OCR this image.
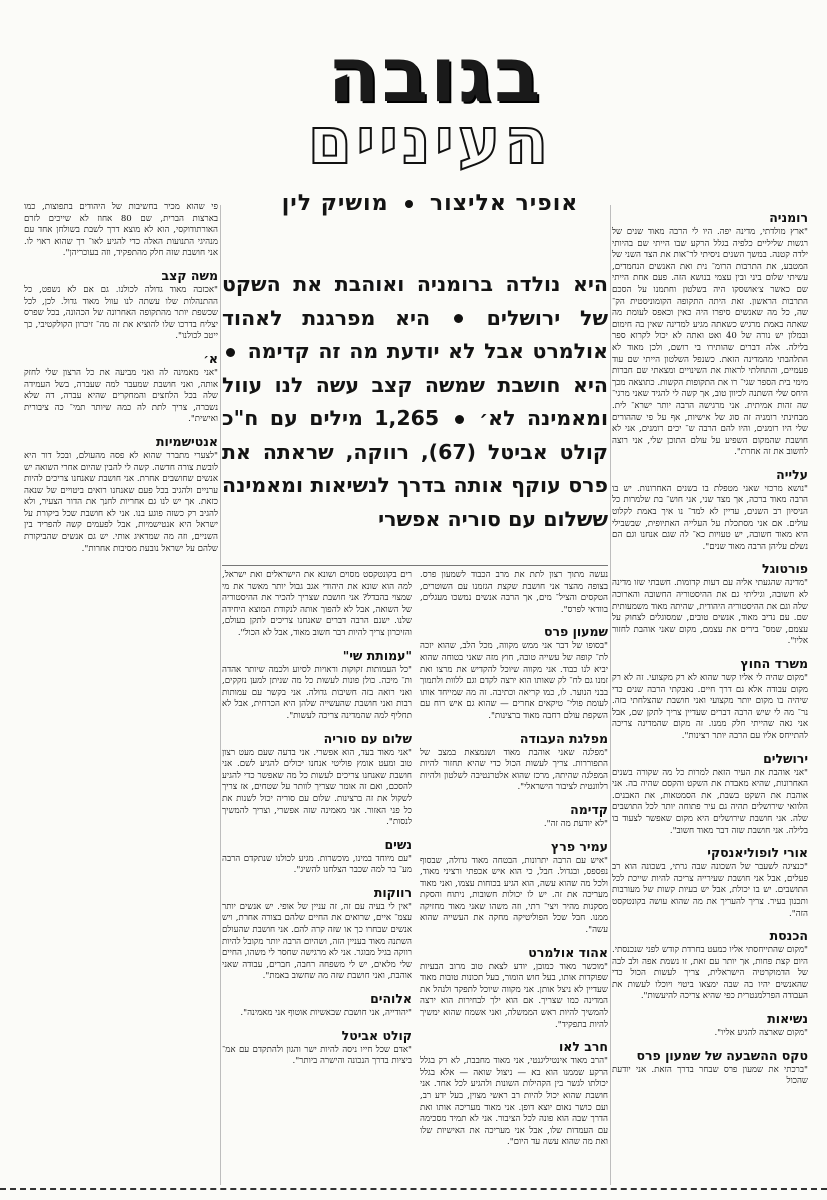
בגובה
העיניים
אופיר אליצור  מושיק לין
היא נולדה ברומניה ואוהבת את השקט של ירושלים  היא מפרגנת לאהוד אולמרט אבל לא יודעת מה זה קדימה  היא חושבת שמשה קצב עשה לנו עוול ומאמינה לא׳  1,265 מילים עם ח"כ קולט אביטל (67), רווקה, שראתה את פרס עוקף אותה בדרך לנשיאות ומאמינה ששלום עם סוריה אפשרי
רומניה

"ארץ מולדתי, מדינה יפה. היו לי הרבה מאוד שנים של רגשות שליליים כלפיה בגלל הרקע שבו הייתי שם בהיותי ילדה קטנה. במשך השנים ניסיתי לר־אות את הצד השני של המטבע, את התרבות הרומ־ נית ואת האנשים הנחמדים, עשיתי שלום ביני ובין עצמי בנושא הזה. פעם אחת הייתי שם כאשר צ׳אושסקו היה בשלטון וחתמנו על הסכם התרבות הראשון. זאת היתה התקופה הקומוניסטית הק־ שה, כל מה שאנשים סיפרו היה כאין וכאפס לעומת מה שאתה באמת מרגיש כשאתה מגיע למדינה שאין בה חימום ובמלון יש נורה של 40 ואט ואתה לא יכול לקרוא ספר בלילה. אלה דברים שהותירו בי רושם, ולכן מאוד לא התלהבתי מהמדינה הזאת. כשנפל השלטון הייתי שם עוד פעמיים, והתחלתי לראות את השינויים ומצאתי שם חברות מימי בית הספר שגי־ רו את התקופות הקשות. כתוצאה מכך היחס שלי השתנה לכיוון טוב, אך קשה לי להגיד שאני מרגי־ שה זהות אמיתית. אני מרגישה הרבה יותר ישרא־ לית. מבחינתי רומניה זה סוג של אישיות, אף על פי שההורים שלי היו רומנים, והיו להם הרבה ש־ יכים רומנים, אני לא חושבת שהמקום השפיע על עולם התוכן שלי, אני רוצה לחשוב את זה אחרת".

עלייה

"נושא מרכזי שאני מטפלת בו בשנים האחרונות. יש בו הרבה מאוד ברכה, אך מצד שני, אני חוש־ בת שלמרות כל הניסיון רב השנים, עדיין לא למד־ נו איך באמת לקלוט עולים. אם אני מסתכלת על העלייה האתיופית, שבשבילי היא מאוד חשובה, יש טעויות כא־ לה שגם אנחנו וגם הם נשלם עליהן הרבה מאוד שנים".

פורטוגל

"מדינה שהגעתי אליה עם דעות קדומות. חשבתי שזו מדינה לא חשובה, וגיליתי גם את ההיסטוריה החשובה והארוכה שלה וגם את ההיסטוריה היהודית, שהיתה מאוד משמעותית שם. עם נדיב מאוד, אנשים טובים, שמסוגלים לצחוק על עצמם, שמס־ בירים את עצמם, מקום שאני אוהבת לחזור אליו".

משרד החוץ

"מקום שהיה לי אליו קשר שהוא לא רק מקצועי. זה לא רק מקום עבודה אלא גם דרך חיים. נאבקתי הרבה שנים כדי שיהיה בו מקום יותר מקצועי ואני חושבת שהצלחתי בזה. נר־ מה לי שיש הרבה דברים שעדיין צריך לתקן שם, אבל אני גאה שהייתי חלק ממנו. זה מקום שהמדינה צריכה להתייחס אליו עם הרבה יותר רצינות".

ירושלים

"אני אוהבת את העיר הזאת למרות כל מה שקורה בשנים האחרונות, שהיא מאבדת את השקט והקסם שהיה בה. אני אוהבת את השקט בשבת, את הסמטאות, את האבנים. הלוואי שירושלים תהיה גם עיר פתוחה יותר לכל התושבים שלה. אני חושבת שירושלים היא מקום שאפשר לצעוד בו בלילה. אני חושבת שזה דבר מאוד חשוב".

אורי לופוליאנסקי

"כנציגה לשעבר של השכונה שבה גרתי, בשכונה הוא רב פעלים, אבל אני חושבת שעירייה צריכה להיות שייכת לכל התושבים. יש בו יכולת, אבל יש בעיות קשות של מעורבות ותכנון בעיר. צריך להעריך את מה שהוא עושה בקונטקסט הזה".

הכנסת

"מקום שהתייחסתי אליו כמעט בחרדת קודש לפני שנכנסתי. היום קצת פחות, אך יותר עם זאת, זו נשמת אפה ולב לבה של הדמוקרטיה הישראלית, צריך לעשות הכול כדי שהאנשים יהיו בה שבה ימצאו ביטוי ויוכלו לעשות את העבודה הפרלמנטרית כפי שהיא צריכה להיעשות".

נשיאות

"מקום שארצה להגיע אליו".

טקס ההשבעה של שמעון פרס

"ברכתי את שמעון פרס שבחר בדרך הזאת. אני יודעת שהכול

נעשה מתוך רצון לתת את מרב הכבוד לשמעון פרס. בצופה מהצד אני חושבת שקצת הגזמנו עם השוטרים, הטקסים והציל־ מים, אך הרבה אנשים נמשכו מעגלים, בוודאי לפרס".

שמעון פרס

"בסופו של דבר אני ממש מקווה, מכל הלב, שהוא יזכה לת־ קופה של עשייה טובה, חוץ מזה שאני בטוחה שהוא יביא לנו כבוד. אני מקווה שיוכל להקדיש את מרצו ואת זמנו גם לח־ לק שאותו הוא ירצה לקדם וגם ללוות ולתמוך בבני הנוער. לו, כמו קריאה וכתיבה. זה מה שמייחד אותו לעומת פולי־ טיקאים אחרים — שהוא גם איש רוח עם השקפת עולם רחבה מאוד ברצינות".

מפלגת העבודה

"מפלגה שאני אוהבת מאוד ושנמצאת במצב של התפוררות. צריך לעשות הכול כדי שהיא תחזור להיות המפלגה שהיתה, מרכז שהוא אלטרנטיבה לשלטון ולהיות רלוונטית לציבור הישראלי".

קדימה

"לא יודעת מה זה".

עמיר פרץ

"איש עם הרבה יתרונות, הבטחה מאוד גדולה, שבסוף נפספס, ובגדול. חבל, כי הוא איש אכפתי ורציני מאוד, ולכל מה שהוא עשה, הוא הגיע בכוחות עצמו, ואני מאוד מעריכה את זה. יש לו יכולות חשובות, ניתוח והסקת מסקנות מהיר ויצי־ רתי, וזה משהו שאני מאוד מחזיקה ממנו. חבל שכל הפוליטיקה מחקה את העשייה שהוא עשה".

אהוד אולמרט

"מוכשר מאוד כמובן, יודע לצאת טוב מרוב הבעיות שפוקדות אותו, בעל חוש הומור, בעל תכונות טובות מאוד שעדיין לא ניצל אותן. אני מקווה שיוכל לתפקד ולנהל את המדינה כמו שצריך. אם הוא ילך לבחירות הוא ירצה להמשיך להיות ראש הממשלה, ואני אשמח שהוא ימשיך להיות בתפקיד".

חרב לאו

"הרב מאוד אינטיליגנטי, אני מאוד מחבבת, לא רק בגלל הרקע שממנו הוא בא — ניצול שואה — אלא בגלל יכולתו לגשר בין הקהילות השונות ולהגיע לכל אחד. אני חושבת שהוא יכול להיות רב ראשי מצוין, בעל ידע רב, ועם כושר נאום יוצא דופן. אני מאוד מעריכה אותו ואת הדרך שבה הוא פונה לכל הציבור. אני לא תמיד מסכימה עם העמדות שלו, אבל אני מעריכה את האישיות שלו ואת מה שהוא עשה עד היום".

רים בקונטקסט מסוים ושונא את הישראלים ואת ישראל, למה הוא שונא את היהודי אגב גבול יותר מאשר את מי שמצוי בהבדל? אני חושבת שצריך להכיר את ההיסטוריה של השואה, אבל לא להפוך אותה לנקודת המוצא היחידה שלנו. ישנם הרבה דברים שאנחנו צריכים לתקן בעולם, והזיכרון צריך להיות דבר חשוב מאוד, אבל לא הכול".

"עמותת שי"

"כל העמותות זקוקות וראויות לסיוע ולכמה שיותר אהדה ות־ מיכה. כולן פונות לעשות כל מה שניתן למען נזקקים, ואני רואה בזה חשיבות גדולה. אני בקשר עם עמותות רבות ואני חושבת שהעשייה שלהן היא הכרחית, אבל לא תחליף למה שהמדינה צריכה לעשות".

שלום עם סוריה

"אני מאוד בעד, הוא אפשרי. אני בדעה שעם מעט רצון טוב ומעט אומץ פוליטי אנחנו יכולים להגיע לשם. אני חושבת שאנחנו צריכים לעשות כל מה שאפשר כדי להגיע להסכם, ואם זה אומר שצריך לוותר על שטחים, אז צריך לשקול את זה ברצינות. שלום עם סוריה יכול לשנות את כל פני האזור. אני מאמינה שזה אפשרי, וצריך להמשיך לנסות".

נשים

"עם מיוחד במינו, מוכשרות. מגיע לכולנו שנתקדם הרבה מע־ בר למה שכבר הצלחנו להשיג".

רווקות

"אין לי בעיה עם זה, זה עניין של אופי. יש אנשים יותר עצמ־ איים, שרואים את החיים שלהם בצורה אחרת, ויש אנשים שבחרו כך או שזה קרה להם. אני חושבת שהעולם השתנה מאוד בעניין הזה, ושהיום הרבה יותר מקובל להיות רווקה בגיל מבוגר. אני לא מרגישה שחסר לי משהו, החיים שלי מלאים, יש לי משפחה רחבה, חברים, עבודה שאני אוהבת, ואני חושבת שזה מה שחשוב באמת".

אלוהים

"יהודייה, אני חושבת שבאשיות אוטוף אני מאמינה".

קולט אביטל

"אדם שכל חייו ניסה להיות ישר והגון ולהתקדם עם אמ־ ביציות בדרך הנכונה והישרה ביותר".

פי שהוא מכיר בחשיבות של היהודים בתפוצות, כמו בארצות הברית, שם 80 אחוז לא שייכים לזרם האורתודוקסי, הוא לא מוצא דרך לשבת בשולחן אחד עם מנהיגי התנועות האלה כדי להגיע לאו־ רך שהוא ראוי לו. אני חושבת שזה חלק מהתפקיד, וזה בעוכריהן".

משה קצב

"אכזבה מאוד גדולה לכולנו. גם אם לא נשפט, כל ההתנהלות שלו עשתה לנו עוול מאוד גדול. לכן, לכל שכשפת יותר מהתקופה האחרונה של הכהונה, בכל שפרס יצליח בדרכו שלו להוציא את זה מה־ זיכרון הקולקטיבי, כך ייטב לכולנו".

א׳

"אני מאמינה לה ואני מביעה את כל הרצון שלי לחזק אותה, ואני חושבת שמעבר למה שעברה, בשל העמידה שלה בכל הלחצים והמחקרים שהיא עברה, דה שלא נשברה, צריך לתת לה כמה שיותר תמי־ כה ציבורית ואישית".

אנטישמיות

"לצערי מתברר שהוא לא פסה מהעולם, ובכל דור היא לובשת צורה חדשה. קשה לי להבין שהיום אחרי השואה יש אנשים שחושבים אחרת. אני חושבת שאנחנו צריכים להיות ערניים ולהגיב בכל פעם שאנחנו רואים ביטויים של שנאה כזאת. אך יש לנו גם אחריות לחנך את הדור הצעיר, ולא להגיב רק כשזה פוגע בנו. אני לא חושבת שכל ביקורת על ישראל היא אנטישמיות, אבל לפעמים קשה להפריד בין השניים, וזה מה שמדאיג אותי. יש גם אנשים שהביקורת שלהם על ישראל נובעת מסיבות אחרות".
